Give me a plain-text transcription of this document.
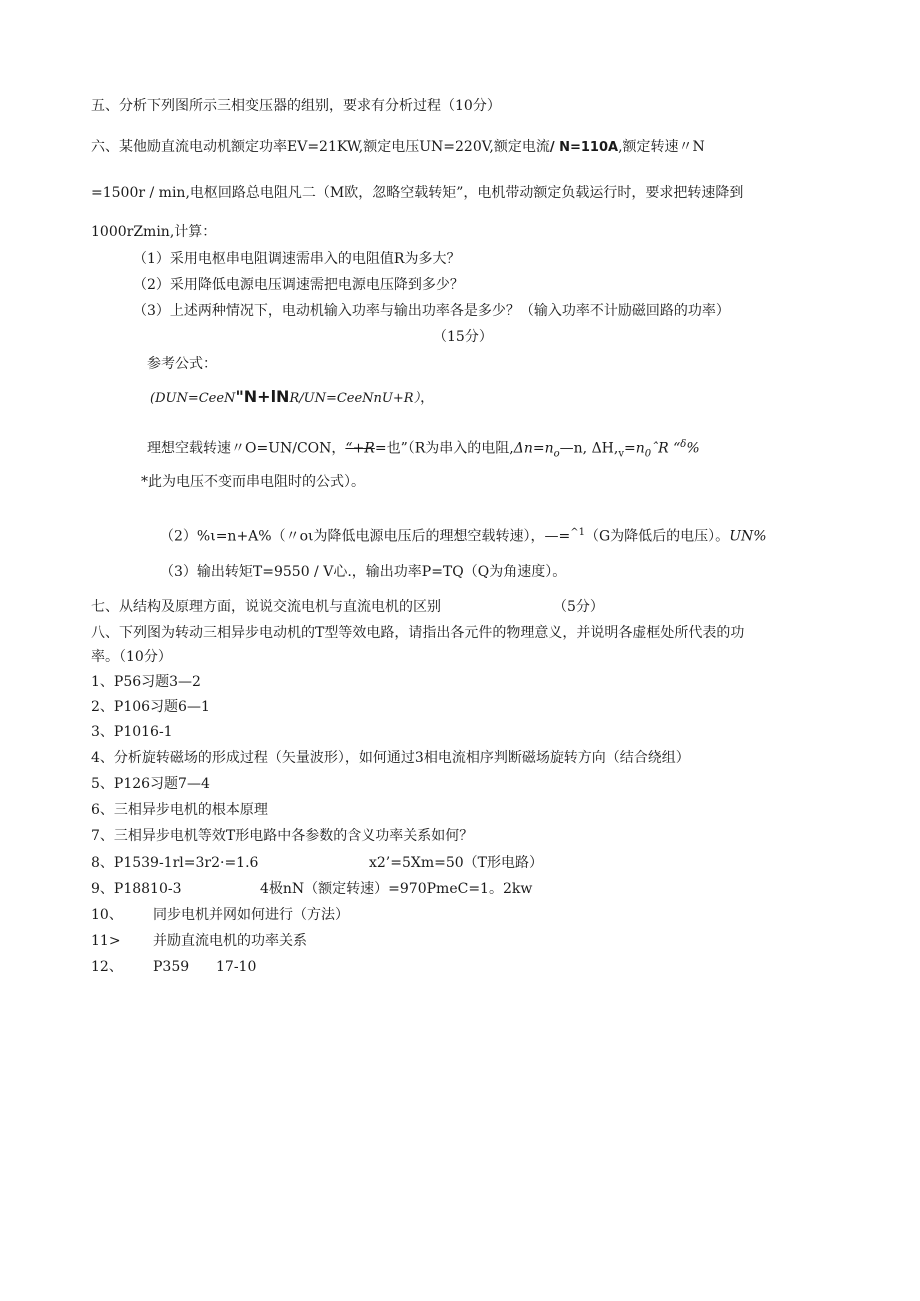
五、分析下列图所示三相变压器的组别，要求有分析过程（10分）
六、某他励直流电动机额定功率EV=21KW,额定电压UN=220V,额定电流/ N=110A,额定转速〃N
=1500r / min,电枢回路总电阻凡二（M欧，忽略空载转矩”，电机带动额定负载运行时，要求把转速降到
1000rZmin,计算：
（1）采用电枢串电阻调速需串入的电阻值R为多大？
（2）采用降低电源电压调速需把电源电压降到多少？
（3）上述两种情况下，电动机输入功率与输出功率各是多少？（输入功率不计励磁回路的功率）
（15分）
参考公式：
(DUN=CeeN"N+lNR/UN=CeeNnU+R），
理想空载转速〃O=UN/CON，“+R=也”（R为串入的电阻$,\Delta n=n_o—n$, $\Delta H,_v=n_0ˆR$ “$^\delta$%
*此为电压不变而串电阻时的公式）。
（2）%ι=n+A%（〃oι为降低电源电压后的理想空载转速），—=$^{\^{}1}$（G为降低后的电压）。UN%
（3）输出转矩T=9550 / V心.，输出功率P=TQ（Q为角速度）。
七、从结构及原理方面，说说交流电机与直流电机的区别	（5分）
八、下列图为转动三相异步电动机的T型等效电路，请指出各元件的物理意义，并说明各虚框处所代表的功
率。（10分）
1、P56习题3—2
2、P106习题6—1
3、P1016-1
4、分析旋转磁场的形成过程（矢量波形），如何通过3相电流相序判断磁场旋转方向（结合绕组）
5、P126习题7—4
6、三相异步电机的根本原理
7、三相异步电机等效T形电路中各参数的含义功率关系如何？
8、P1539-1rl=3r2·=1.6	x2’=5Xm=50（T形电路）
9、P18810-3	4极nN（额定转速）=970PmeC=1。2kw
10、 同步电机并网如何进行（方法）
11> 并励直流电机的功率关系
12、 P359 17-10
